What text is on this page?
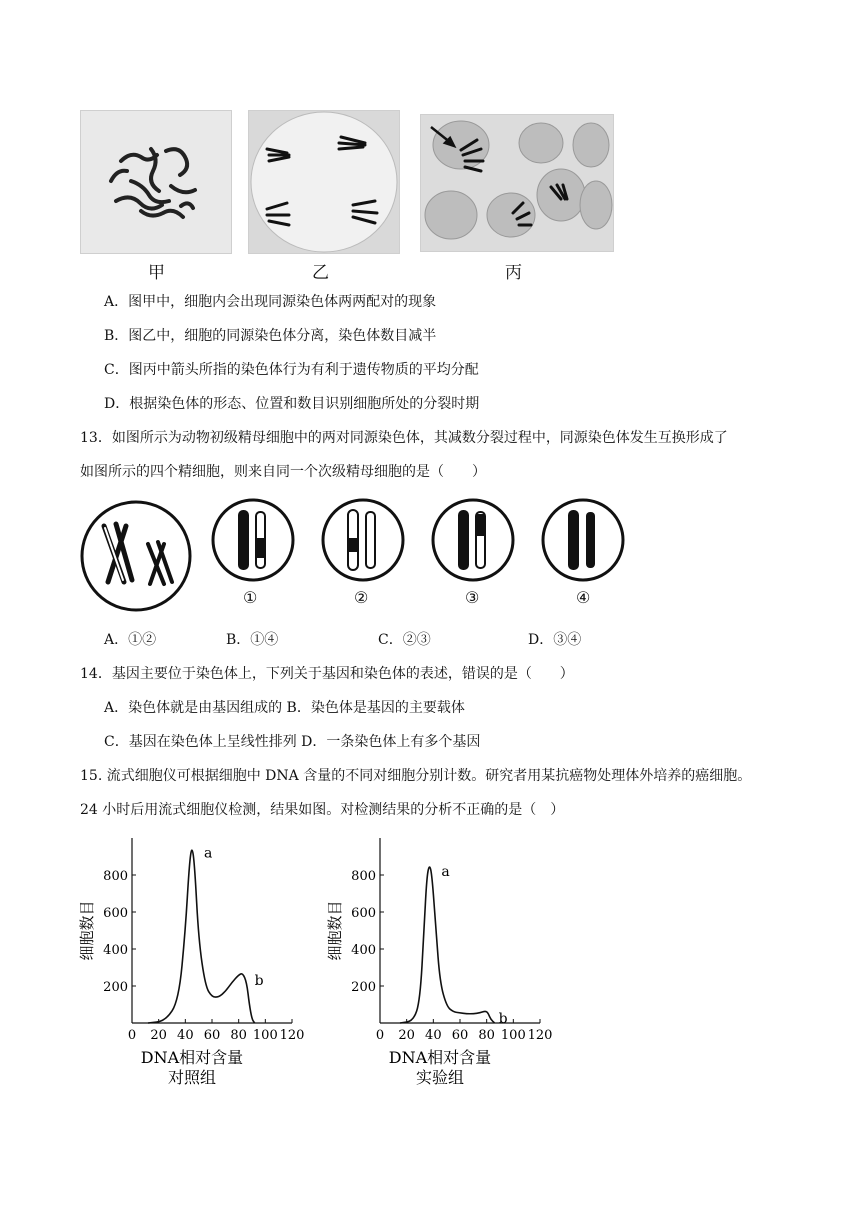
甲	乙	丙
A．图甲中，细胞内会出现同源染色体两两配对的现象
B．图乙中，细胞的同源染色体分离，染色体数目减半
C．图丙中箭头所指的染色体行为有利于遗传物质的平均分配
D．根据染色体的形态、位置和数目识别细胞所处的分裂时期
13．如图所示为动物初级精母细胞中的两对同源染色体，其减数分裂过程中，同源染色体发生互换形成了
如图所示的四个精细胞，则来自同一个次级精母细胞的是（　　）
①	②	③	④
A．①②	B．①④	C．②③	D．③④
14．基因主要位于染色体上，下列关于基因和染色体的表述，错误的是（　　）
A．染色体就是由基因组成的 B．染色体是基因的主要载体
C．基因在染色体上呈线性排列 D．一条染色体上有多个基因
15. 流式细胞仪可根据细胞中 DNA 含量的不同对细胞分别计数。研究者用某抗癌物处理体外培养的癌细胞。
24 小时后用流式细胞仪检测，结果如图。对检测结果的分析不正确的是（　）
0 20 40 60 80 100 120
200
400
600
800
a
b
细胞数目
DNA相对含量
对照组
0 20 40 60 80 100 120
200
400
600
800	a
b
细胞数目
DNA相对含量
实验组
